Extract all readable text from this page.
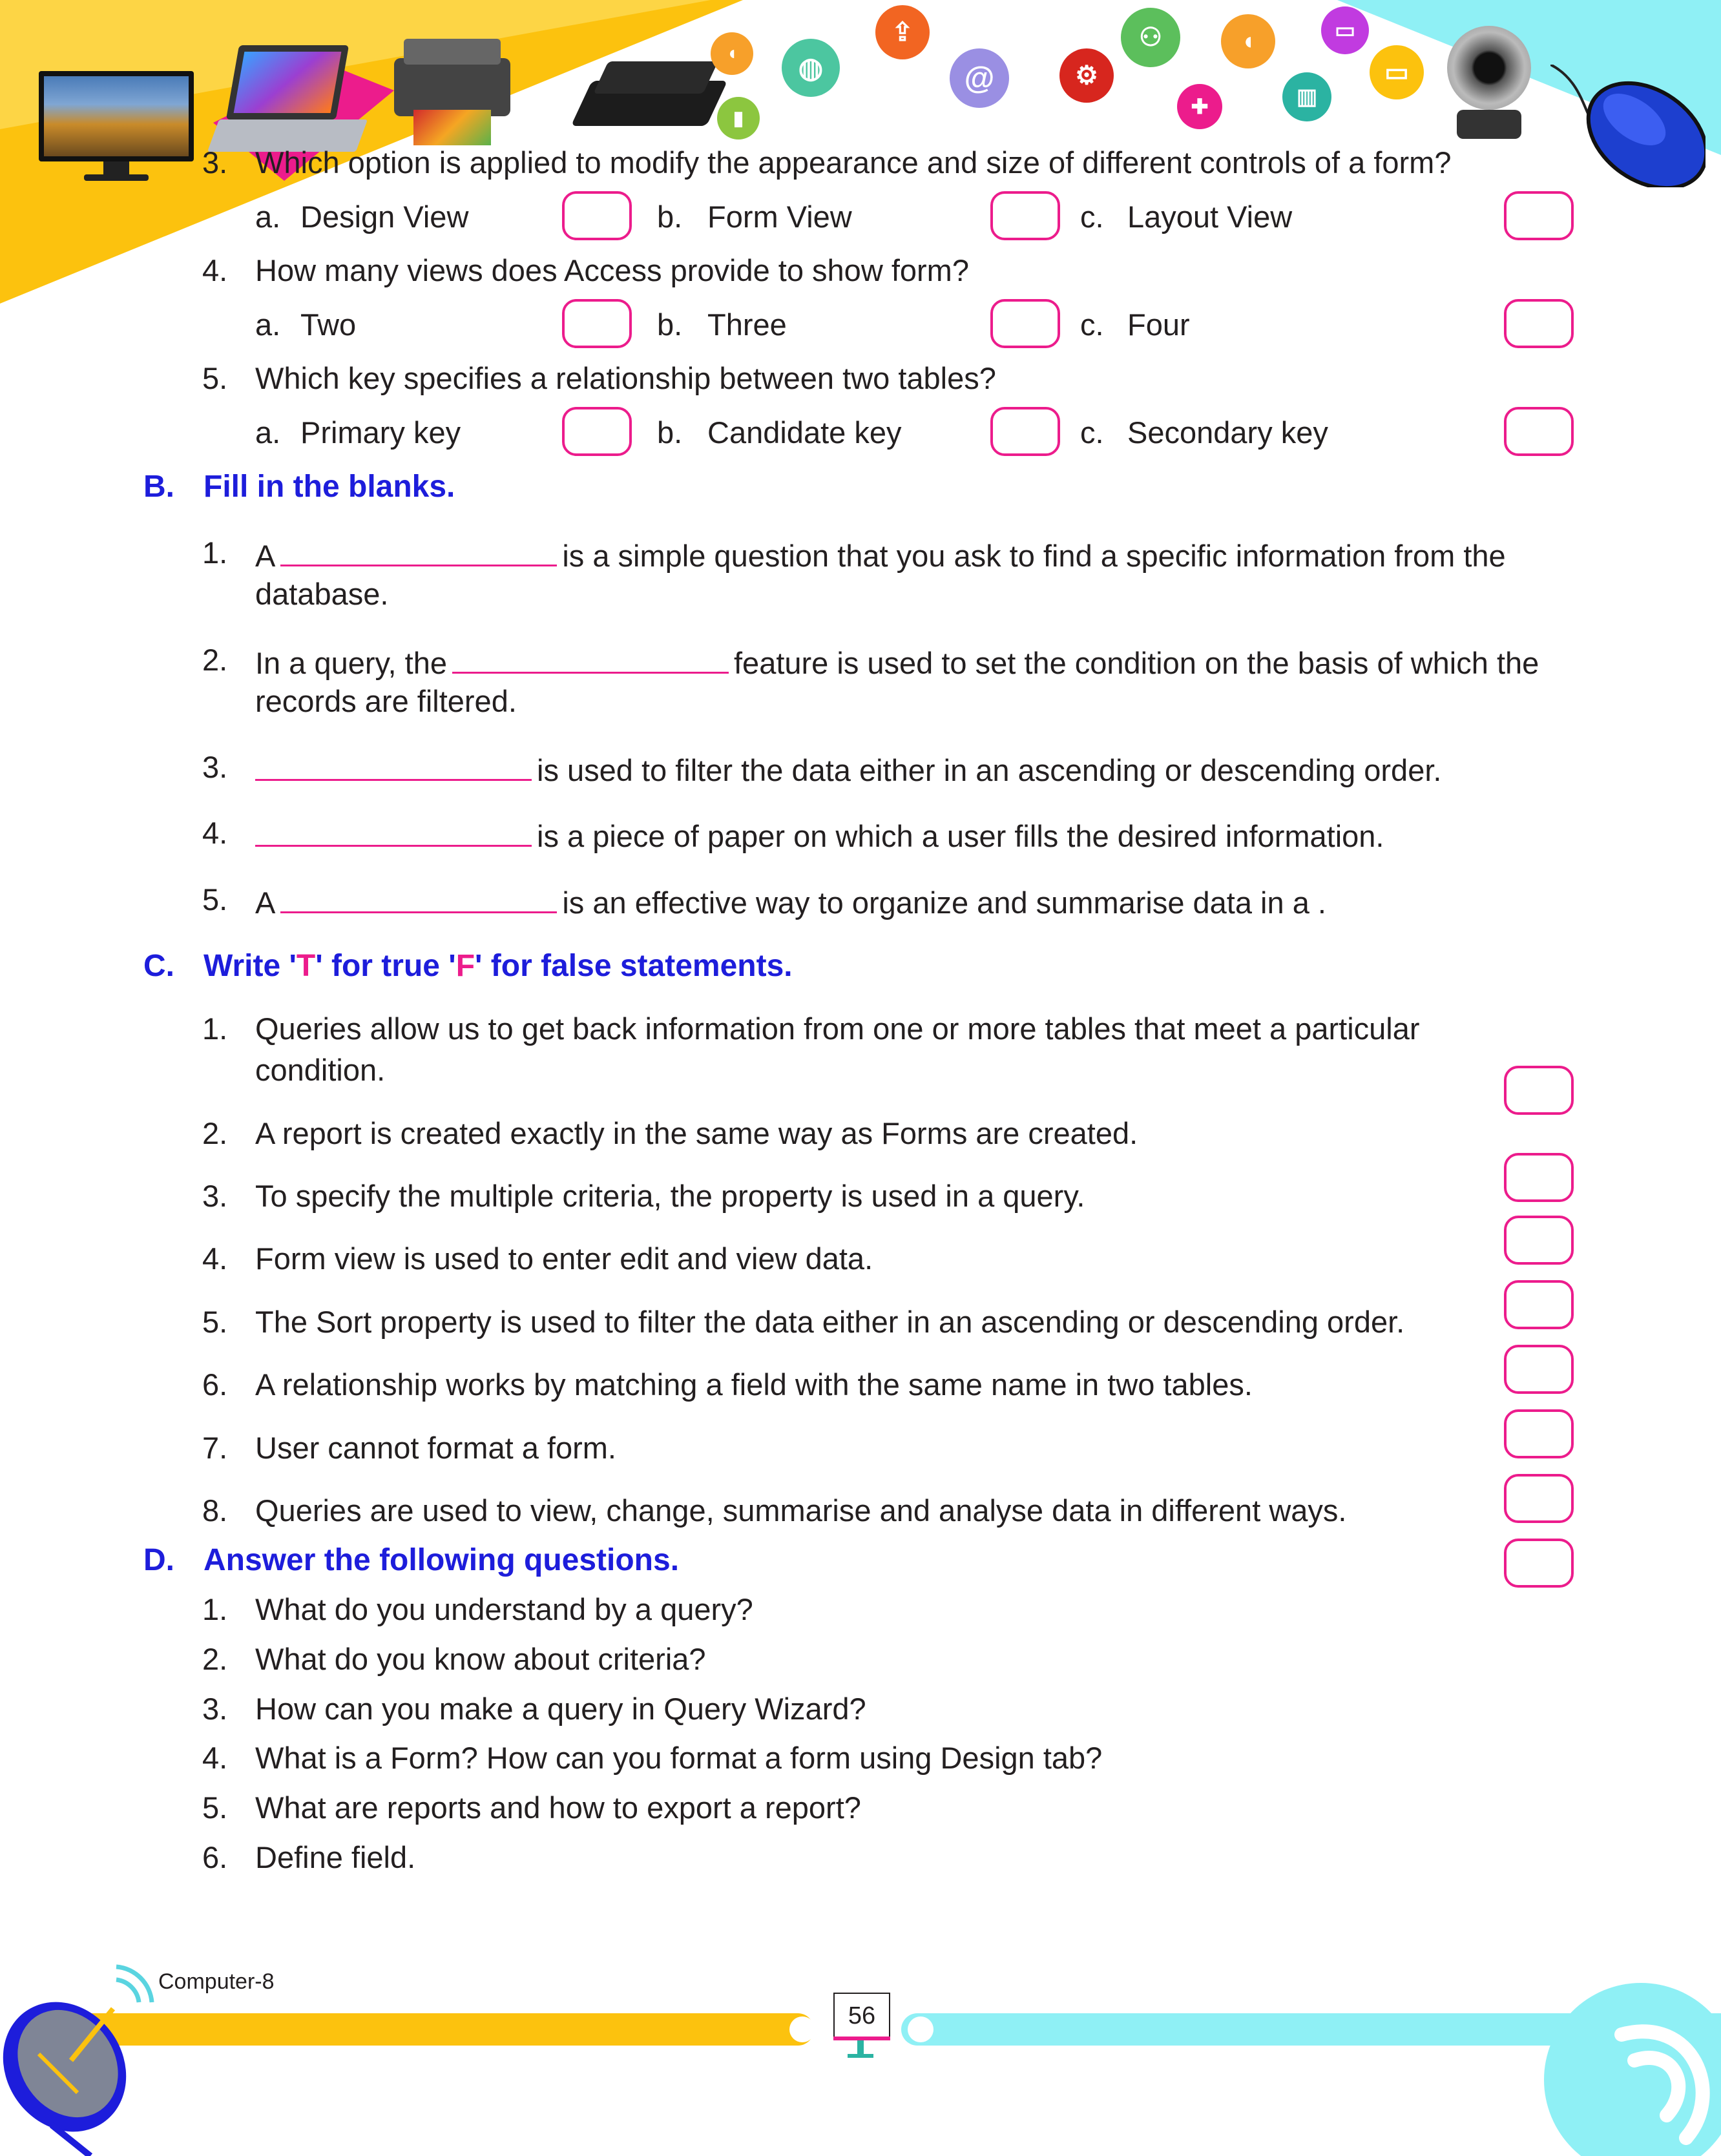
◖
▮
◍
⇪
@	⚙
⚇
✚
◖
▥
▭
▭
3. Which option is applied to modify the appearance and size of different controls of a form?
a. Design View	b. Form View	c. Layout View
4. How many views does Access provide to show form?
a. Two	b. Three	c. Four
5. Which key specifies a relationship between two tables?
a. Primary key	b. Candidate key	c. Secondary key
B. Fill in the blanks.
1. A	is a simple question that you ask to find a specific information from the
database.
2. In a query, the	feature is used to set the condition on the basis of which the
records are filtered.
3.	is used to filter the data either in an ascending or descending order.
4.	is a piece of paper on which a user fills the desired information.
5. A	is an effective way to organize and summarise data in a .
C. Write 'T' for true 'F' for false statements.
1. Queries allow us to get back information from one or more tables that meet a particular
condition.
2. A report is created exactly in the same way as Forms are created.
3. To specify the multiple criteria, the property is used in a query.
4. Form view is used to enter edit and view data.
5. The Sort property is used to filter the data either in an ascending or descending order.
6. A relationship works by matching a field with the same name in two tables.
7. User cannot format a form.
8. Queries are used to view, change, summarise and analyse data in different ways.
D. Answer the following questions.
1. What do you understand by a query?
2. What do you know about criteria?
3. How can you make a query in Query Wizard?
4. What is a Form? How can you format a form using Design tab?
5. What are reports and how to export a report?
6. Define field.
Computer-8
56
